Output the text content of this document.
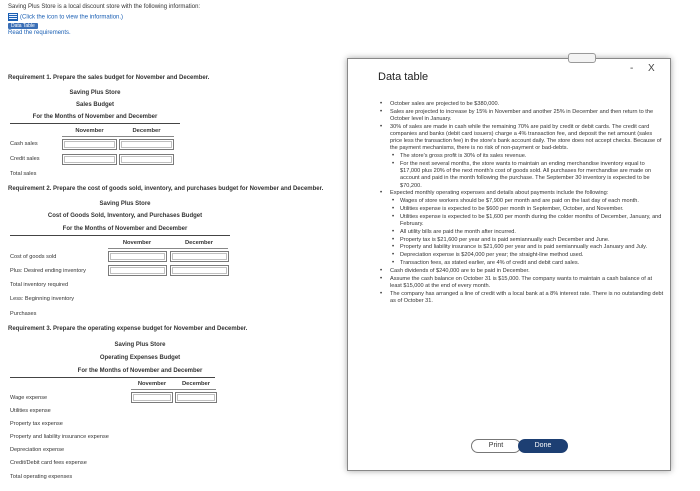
Saving Plus Store is a local discount store with the following information:
(Click the icon to view the information.)
Data Table
Read the requirements.
Requirement 1. Prepare the sales budget for November and December.
Saving Plus Store
Sales Budget
For the Months of November and December
November	December
Cash sales
Credit sales
Total sales
Requirement 2. Prepare the cost of goods sold, inventory, and purchases budget for November and December.
Saving Plus Store
Cost of Goods Sold, Inventory, and Purchases Budget
For the Months of November and December
November	December
Cost of goods sold
Plus: Desired ending inventory
Total inventory required
Less: Beginning inventory
Purchases
Requirement 3. Prepare the operating expense budget for November and December.
Saving Plus Store
Operating Expenses Budget
For the Months of November and December
November	December
Wage expense
Utilities expense
Property tax expense
Property and liability insurance expense
Depreciation expense
Credit/Debit card fees expense
Total operating expenses
- X
Data table
• October sales are projected to be $380,000.
• Sales are projected to increase by 15% in November and another 25% in December and then return to the October level in January.
• 30% of sales are made in cash while the remaining 70% are paid by credit or debit cards. The credit card companies and banks (debit card issuers) charge a 4% transaction fee, and deposit the net amount (sales price less the transaction fee) in the store's bank account daily. The store does not accept checks. Because of the payment mechanisms, there is no risk of non-payment or bad-debts.
• The store's gross profit is 30% of its sales revenue.
• For the next several months, the store wants to maintain an ending merchandise inventory equal to $17,000 plus 20% of the next month's cost of goods sold. All purchases for merchandise are made on account and paid in the month following the purchase. The September 30 inventory is expected to be $70,200.
• Expected monthly operating expenses and details about payments include the following:
• Wages of store workers should be $7,900 per month and are paid on the last day of each month.
• Utilities expense is expected to be $600 per month in September, October, and November.
• Utilities expense is expected to be $1,600 per month during the colder months of December, January, and February.
• All utility bills are paid the month after incurred.
• Property tax is $21,600 per year and is paid semiannually each December and June.
• Property and liability insurance is $21,600 per year and is paid semiannually each January and July.
• Depreciation expense is $204,000 per year; the straight-line method used.
• Transaction fees, as stated earlier, are 4% of credit and debit card sales.
• Cash dividends of $240,000 are to be paid in December.
• Assume the cash balance on October 31 is $15,000. The company wants to maintain a cash balance of at least $15,000 at the end of every month.
• The company has arranged a line of credit with a local bank at a 8% interest rate. There is no outstanding debt as of October 31.
Print	Done
